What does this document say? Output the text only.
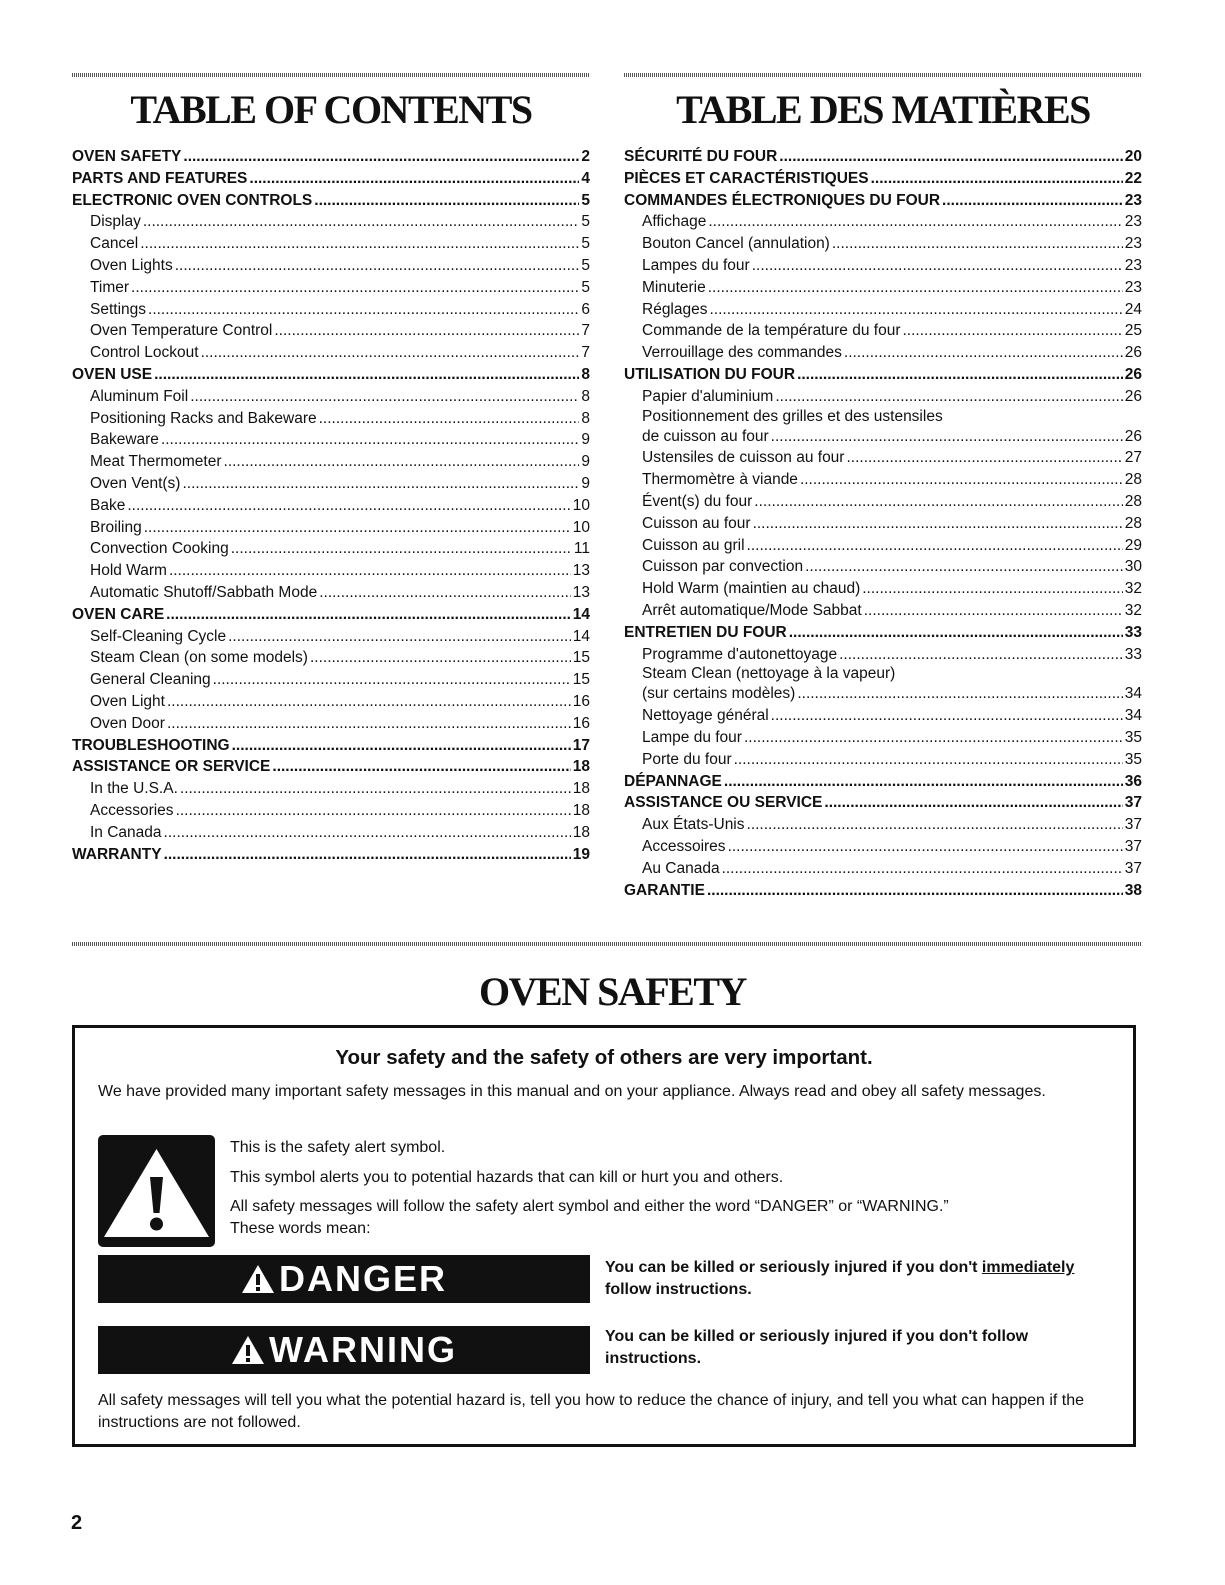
TABLE OF CONTENTS	TABLE DES MATIÈRES
OVEN SAFETY .....	2
PARTS AND FEATURES .....	4
ELECTRONIC OVEN CONTROLS .....	5
Display .....	5
Cancel .....	5
Oven Lights .....	5
Timer .....	5
Settings .....	6
Oven Temperature Control .....	7
Control Lockout .....	7
OVEN USE .....	8
Aluminum Foil .....	8
Positioning Racks and Bakeware .....	8
Bakeware .....	9
Meat Thermometer .....	9
Oven Vent(s) .....	9
Bake .....	10
Broiling .....	10
Convection Cooking .....	11
Hold Warm .....	13
Automatic Shutoff/Sabbath Mode .....	13
OVEN CARE .....	14
Self-Cleaning Cycle .....	14
Steam Clean (on some models) .....	15
General Cleaning .....	15
Oven Light .....	16
Oven Door .....	16
TROUBLESHOOTING .....	17
ASSISTANCE OR SERVICE .....	18
In the U.S.A. .....	18
Accessories .....	18
In Canada .....	18
WARRANTY .....	19
SÉCURITÉ DU FOUR .....	20
PIÈCES ET CARACTÉRISTIQUES .....	22
COMMANDES ÉLECTRONIQUES DU FOUR .....	23
Affichage .....	23
Bouton Cancel (annulation) .....	23
Lampes du four .....	23
Minuterie .....	23
Réglages .....	24
Commande de la température du four .....	25
Verrouillage des commandes .....	26
UTILISATION DU FOUR .....	26
Papier d'aluminium .....	26
Positionnement des grilles et des ustensiles
de cuisson au four .....	26
Ustensiles de cuisson au four .....	27
Thermomètre à viande .....	28
Évent(s) du four .....	28
Cuisson au four .....	28
Cuisson au gril .....	29
Cuisson par convection .....	30
Hold Warm (maintien au chaud) .....	32
Arrêt automatique/Mode Sabbat .....	32
ENTRETIEN DU FOUR .....	33
Programme d'autonettoyage .....	33
Steam Clean (nettoyage à la vapeur)
(sur certains modèles) .....	34
Nettoyage général .....	34
Lampe du four .....	35
Porte du four .....	35
DÉPANNAGE .....	36
ASSISTANCE OU SERVICE .....	37
Aux États-Unis .....	37
Accessoires .....	37
Au Canada .....	37
GARANTIE .....	38
OVEN SAFETY
Your safety and the safety of others are very important.
We have provided many important safety messages in this manual and on your appliance. Always read and obey all safety messages.
This is the safety alert symbol.
This symbol alerts you to potential hazards that can kill or hurt you and others.
All safety messages will follow the safety alert symbol and either the word “DANGER” or “WARNING.”
These words mean:
DANGER	You can be killed or seriously injured if you don't immediately
follow instructions.
WARNING	You can be killed or seriously injured if you don't follow instructions.
All safety messages will tell you what the potential hazard is, tell you how to reduce the chance of injury, and tell you what can happen if the instructions are not followed.
2
